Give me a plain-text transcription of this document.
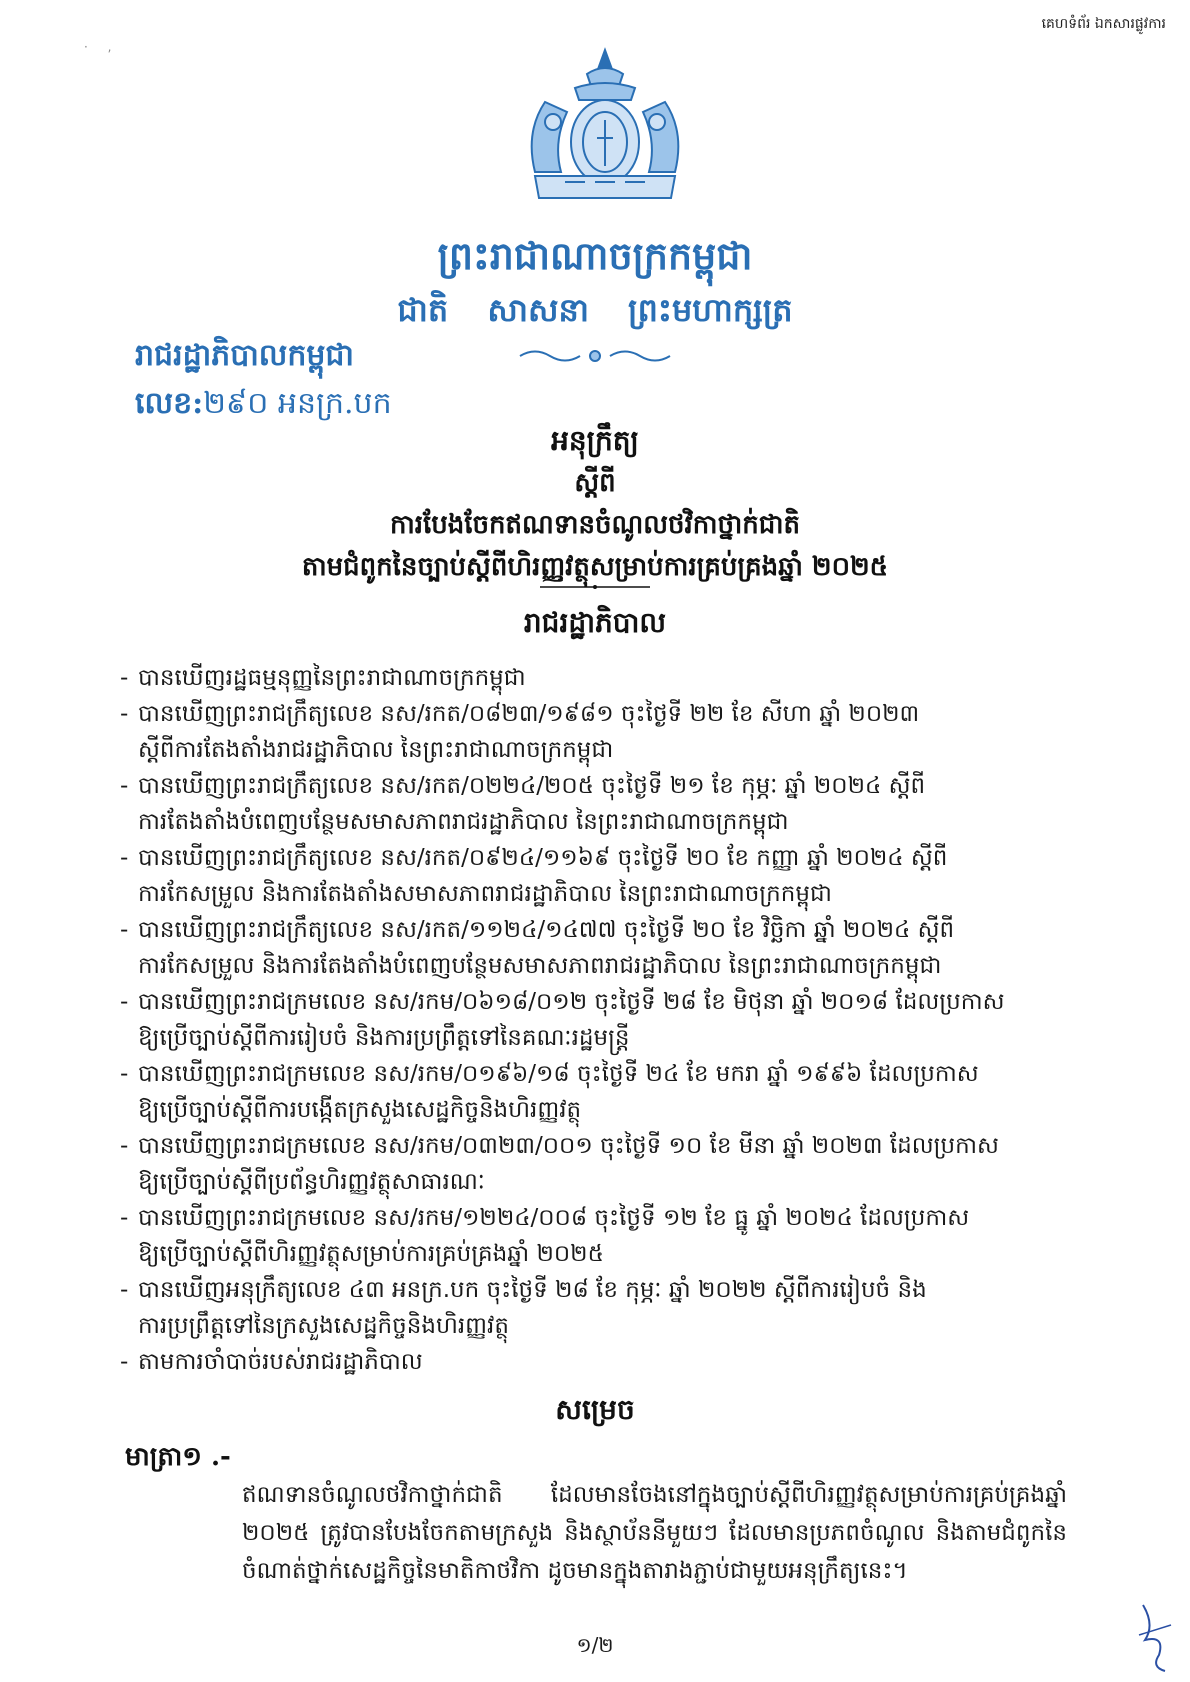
គេហទំព័រ ឯកសារផ្លូវការ
· ,
ព្រះរាជាណាចក្រកម្ពុជា
ជាតិ សាសនា ព្រះមហាក្សត្រ
រាជរដ្ឋាភិបាលកម្ពុជា
លេខ:២៩០ អនក្រ.បក
អនុក្រឹត្យ
ស្ដីពី
ការបែងចែកឥណទានចំណូលថវិកាថ្នាក់ជាតិ
តាមជំពូកនៃច្បាប់ស្ដីពីហិរញ្ញវត្ថុសម្រាប់ការគ្រប់គ្រងឆ្នាំ ២០២៥
រាជរដ្ឋាភិបាល
- បានឃើញរដ្ឋធម្មនុញ្ញនៃព្រះរាជាណាចក្រកម្ពុជា
- បានឃើញព្រះរាជក្រឹត្យលេខ នស/រកត/០៨២៣/១៩៨១ ចុះថ្ងៃទី ២២ ខែ សីហា ឆ្នាំ ២០២៣
ស្ដីពីការតែងតាំងរាជរដ្ឋាភិបាល នៃព្រះរាជាណាចក្រកម្ពុជា
- បានឃើញព្រះរាជក្រឹត្យលេខ នស/រកត/០២២៤/២០៥ ចុះថ្ងៃទី ២១ ខែ កុម្ភៈ ឆ្នាំ ២០២៤ ស្ដីពី
ការតែងតាំងបំពេញបន្ថែមសមាសភាពរាជរដ្ឋាភិបាល នៃព្រះរាជាណាចក្រកម្ពុជា
- បានឃើញព្រះរាជក្រឹត្យលេខ នស/រកត/០៩២៤/១១៦៩ ចុះថ្ងៃទី ២០ ខែ កញ្ញា ឆ្នាំ ២០២៤ ស្ដីពី
ការកែសម្រួល និងការតែងតាំងសមាសភាពរាជរដ្ឋាភិបាល នៃព្រះរាជាណាចក្រកម្ពុជា
- បានឃើញព្រះរាជក្រឹត្យលេខ នស/រកត/១១២៤/១៤៧៧ ចុះថ្ងៃទី ២០ ខែ វិច្ឆិកា ឆ្នាំ ២០២៤ ស្ដីពី
ការកែសម្រួល និងការតែងតាំងបំពេញបន្ថែមសមាសភាពរាជរដ្ឋាភិបាល នៃព្រះរាជាណាចក្រកម្ពុជា
- បានឃើញព្រះរាជក្រមលេខ នស/រកម/០៦១៨/០១២ ចុះថ្ងៃទី ២៨ ខែ មិថុនា ឆ្នាំ ២០១៨ ដែលប្រកាស
ឱ្យប្រើច្បាប់ស្ដីពីការរៀបចំ និងការប្រព្រឹត្តទៅនៃគណៈរដ្ឋមន្ត្រី
- បានឃើញព្រះរាជក្រមលេខ នស/រកម/០១៩៦/១៨ ចុះថ្ងៃទី ២៤ ខែ មករា ឆ្នាំ ១៩៩៦ ដែលប្រកាស
ឱ្យប្រើច្បាប់ស្ដីពីការបង្កើតក្រសួងសេដ្ឋកិច្ចនិងហិរញ្ញវត្ថុ
- បានឃើញព្រះរាជក្រមលេខ នស/រកម/០៣២៣/០០១ ចុះថ្ងៃទី ១០ ខែ មីនា ឆ្នាំ ២០២៣ ដែលប្រកាស
ឱ្យប្រើច្បាប់ស្ដីពីប្រព័ន្ធហិរញ្ញវត្ថុសាធារណៈ
- បានឃើញព្រះរាជក្រមលេខ នស/រកម/១២២៤/០០៨ ចុះថ្ងៃទី ១២ ខែ ធ្នូ ឆ្នាំ ២០២៤ ដែលប្រកាស
ឱ្យប្រើច្បាប់ស្ដីពីហិរញ្ញវត្ថុសម្រាប់ការគ្រប់គ្រងឆ្នាំ ២០២៥
- បានឃើញអនុក្រឹត្យលេខ ៤៣ អនក្រ.បក ចុះថ្ងៃទី ២៨ ខែ កុម្ភៈ ឆ្នាំ ២០២២ ស្ដីពីការរៀបចំ និង
ការប្រព្រឹត្តទៅនៃក្រសួងសេដ្ឋកិច្ចនិងហិរញ្ញវត្ថុ
- តាមការចាំបាច់របស់រាជរដ្ឋាភិបាល
សម្រេច
មាត្រា១ .-
ឥណទានចំណូលថវិកាថ្នាក់ជាតិ ដែលមានចែងនៅក្នុងច្បាប់ស្ដីពីហិរញ្ញវត្ថុសម្រាប់ការគ្រប់គ្រងឆ្នាំ ២០២៥ ត្រូវបានបែងចែកតាមក្រសួង និងស្ថាប័ននីមួយៗ ដែលមានប្រភពចំណូល និងតាមជំពូកនៃចំណាត់ថ្នាក់សេដ្ឋកិច្ចនៃមាតិកាថវិកា ដូចមានក្នុងតារាងភ្ជាប់ជាមួយអនុក្រឹត្យនេះ។
១/២
